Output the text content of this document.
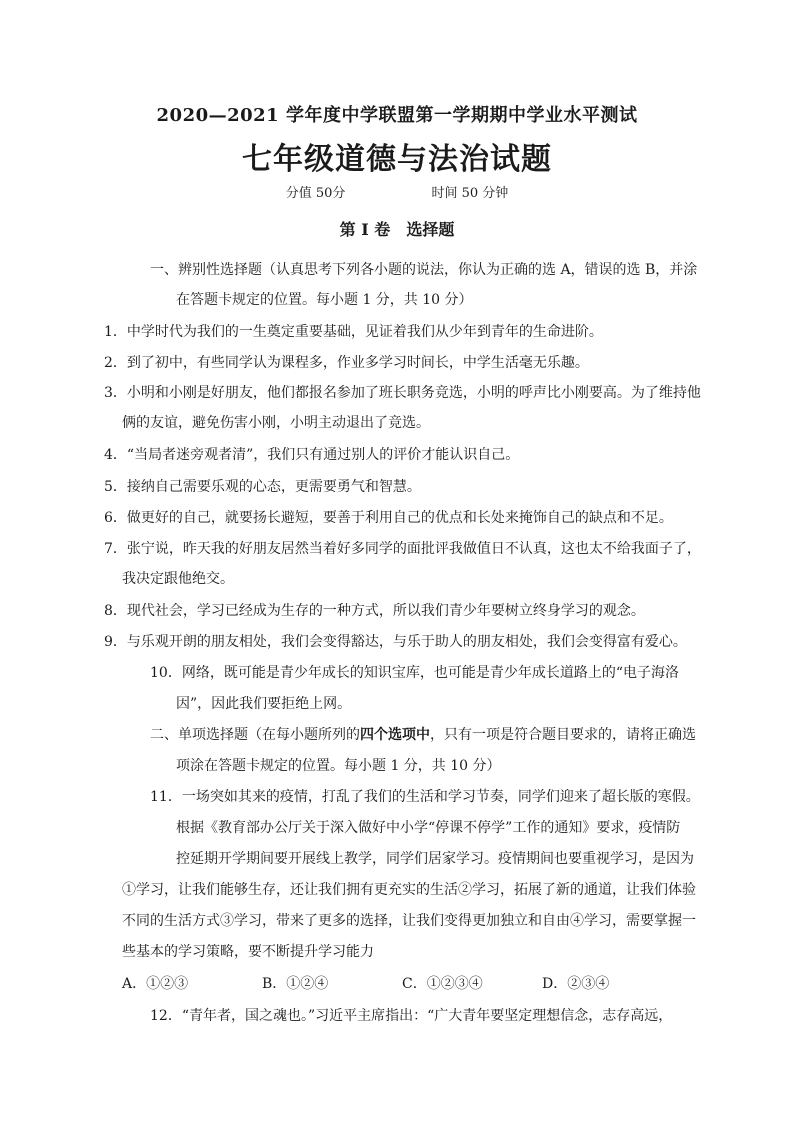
2020—2021 学年度中学联盟第一学期期中学业水平测试
七年级道德与法治试题
分值 50分	时间 50 分钟
第 Ⅰ 卷 选择题
一、辨别性选择题（认真思考下列各小题的说法，你认为正确的选 A，错误的选 B，并涂
在答题卡规定的位置。每小题 1 分，共 10 分）
1．中学时代为我们的一生奠定重要基础，见证着我们从少年到青年的生命进阶。
2．到了初中，有些同学认为课程多，作业多学习时间长，中学生活毫无乐趣。
3．小明和小刚是好朋友，他们都报名参加了班长职务竞选，小明的呼声比小刚要高。为了维持他
俩的友谊，避免伤害小刚，小明主动退出了竞选。
4．“当局者迷旁观者清”，我们只有通过别人的评价才能认识自己。
5．接纳自己需要乐观的心态，更需要勇气和智慧。
6．做更好的自己，就要扬长避短，要善于利用自己的优点和长处来掩饰自己的缺点和不足。
7．张宁说，昨天我的好朋友居然当着好多同学的面批评我做值日不认真，这也太不给我面子了，
我决定跟他绝交。
8．现代社会，学习已经成为生存的一种方式，所以我们青少年要树立终身学习的观念。
9．与乐观开朗的朋友相处，我们会变得豁达，与乐于助人的朋友相处，我们会变得富有爱心。
10．网络，既可能是青少年成长的知识宝库，也可能是青少年成长道路上的“电子海洛
因”，因此我们要拒绝上网。
二、单项选择题（在每小题所列的四个选项中，只有一项是符合题目要求的，请将正确选
项涂在答题卡规定的位置。每小题 1 分，共 10 分）
11．一场突如其来的疫情，打乱了我们的生活和学习节奏，同学们迎来了超长版的寒假。
根据《教育部办公厅关于深入做好中小学“停课不停学”工作的通知》要求，疫情防
控延期开学期间要开展线上教学，同学们居家学习。疫情期间也要重视学习，是因为
①学习，让我们能够生存，还让我们拥有更充实的生活②学习，拓展了新的通道，让我们体验
不同的生活方式③学习，带来了更多的选择，让我们变得更加独立和自由④学习，需要掌握一
些基本的学习策略，要不断提升学习能力
A．①②③	B．①②④	C．①②③④	D．②③④
12．“青年者，国之魂也。”习近平主席指出：“广大青年要坚定理想信念，志存高远，
